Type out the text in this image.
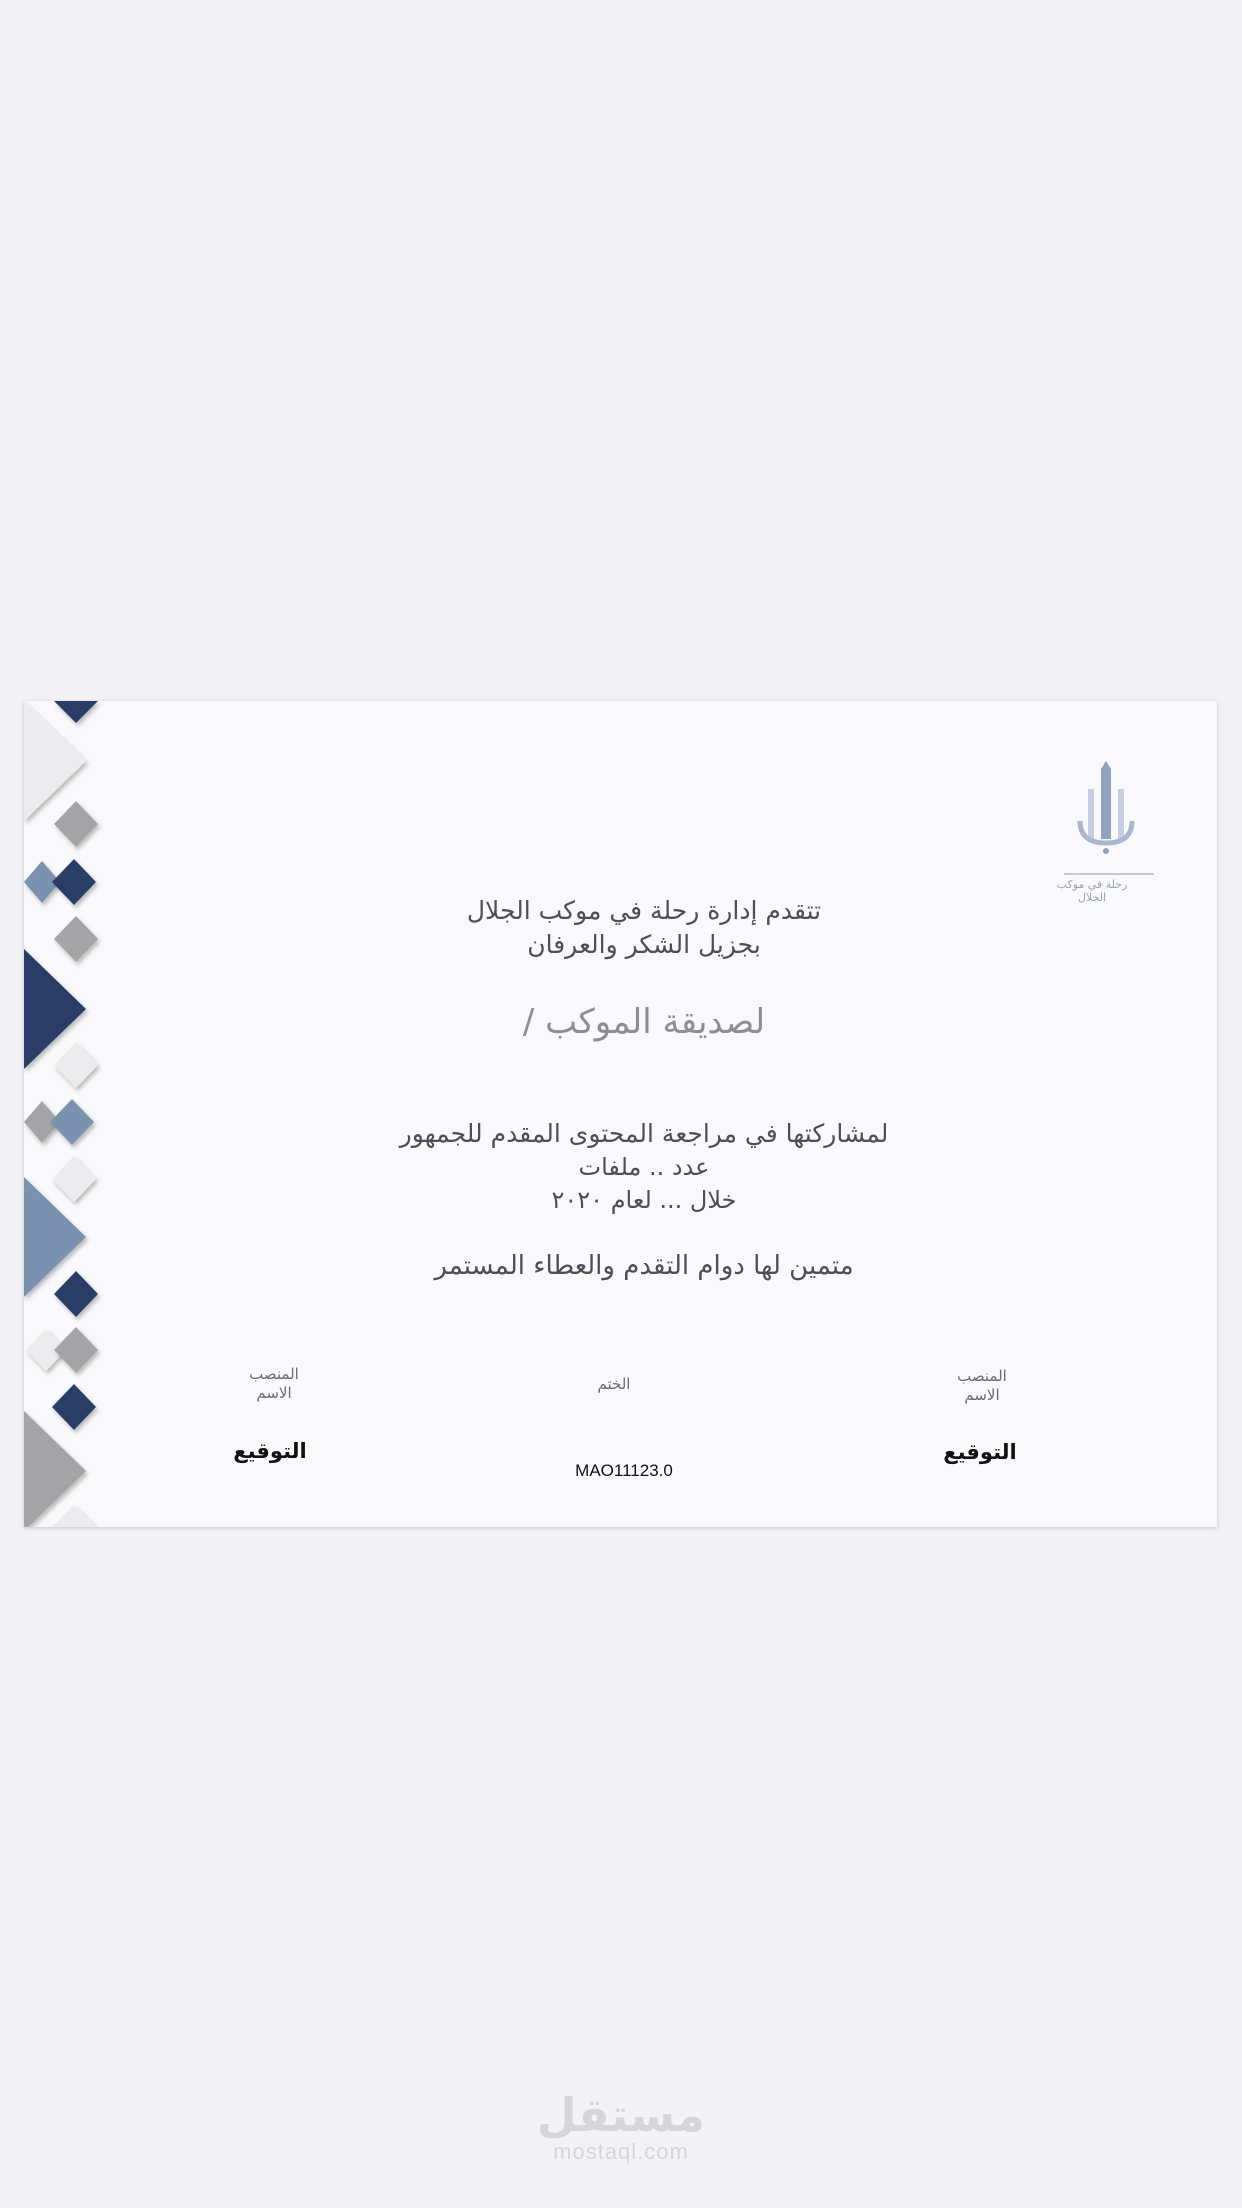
رحلة في موكب الجلال
تتقدم إدارة رحلة في موكب الجلال
بجزيل الشكر والعرفان
لصديقة الموكب /
لمشاركتها في مراجعة المحتوى المقدم للجمهور
عدد .. ملفات
خلال ... لعام ٢٠٢٠
متمين لها دوام التقدم والعطاء المستمر
المنصب
الاسم
التوقيع
الختم
MAO11123.0
المنصب
الاسم
التوقيع
مستقل
mostaql.com
